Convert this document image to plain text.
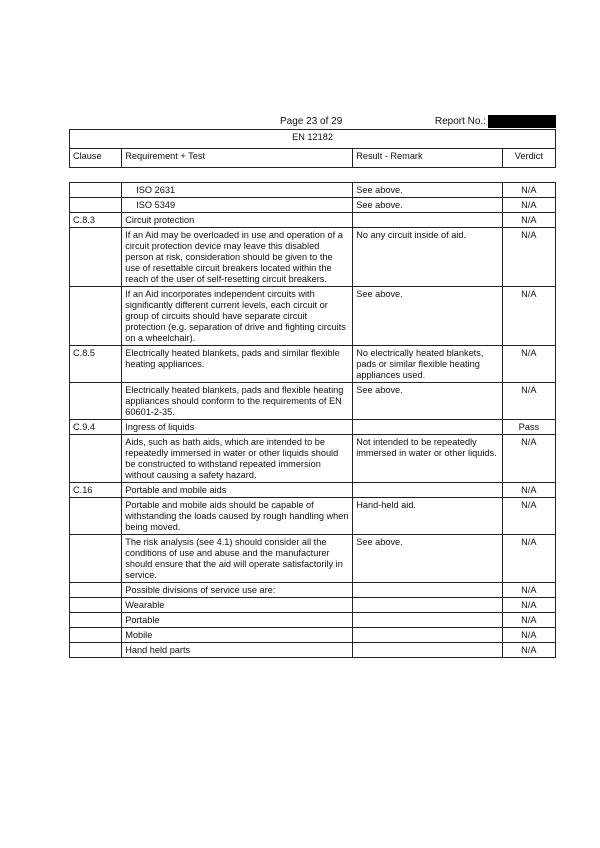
Page 23 of 29	Report No.:
EN 12182
Clause	Requirement + Test	Result - Remark	Verdict
	ISO 2631	See above.	N/A
	ISO 5349	See above.	N/A
C.8.3	Circuit protection		N/A
	If an Aid may be overloaded in use and operation of a circuit protection device may leave this disabled person at risk, consideration should be given to the use of resettable circuit breakers located within the reach of the user of self-resetting circuit breakers.	No any circuit inside of aid.	N/A
	If an Aid incorporates independent circuits with significantly different current levels, each circuit or group of circuits should have separate circuit protection (e.g. separation of drive and fighting circuits on a wheelchair).	See above.	N/A
C.8.5	Electrically heated blankets, pads and similar flexible heating appliances.	No electrically heated blankets, pads or similar flexible heating appliances used.	N/A
	Electrically heated blankets, pads and flexible heating appliances should conform to the requirements of EN 60601-2-35.	See above.	N/A
C.9.4	Ingress of liquids		Pass
	Aids, such as bath aids, which are intended to be repeatedly immersed in water or other liquids should be constructed to withstand repeated immersion without causing a safety hazard.	Not intended to be repeatedly immersed in water or other liquids.	N/A
C.16	Portable and mobile aids		N/A
	Portable and mobile aids should be capable of withstanding the loads caused by rough handling when being moved.	Hand-held aid.	N/A
	The risk analysis (see 4.1) should consider all the conditions of use and abuse and the manufacturer should ensure that the aid will operate satisfactorily in service.	See above.	N/A
	Possible divisions of service use are:		N/A
	Wearable		N/A
	Portable		N/A
	Mobile		N/A
	Hand held parts		N/A
